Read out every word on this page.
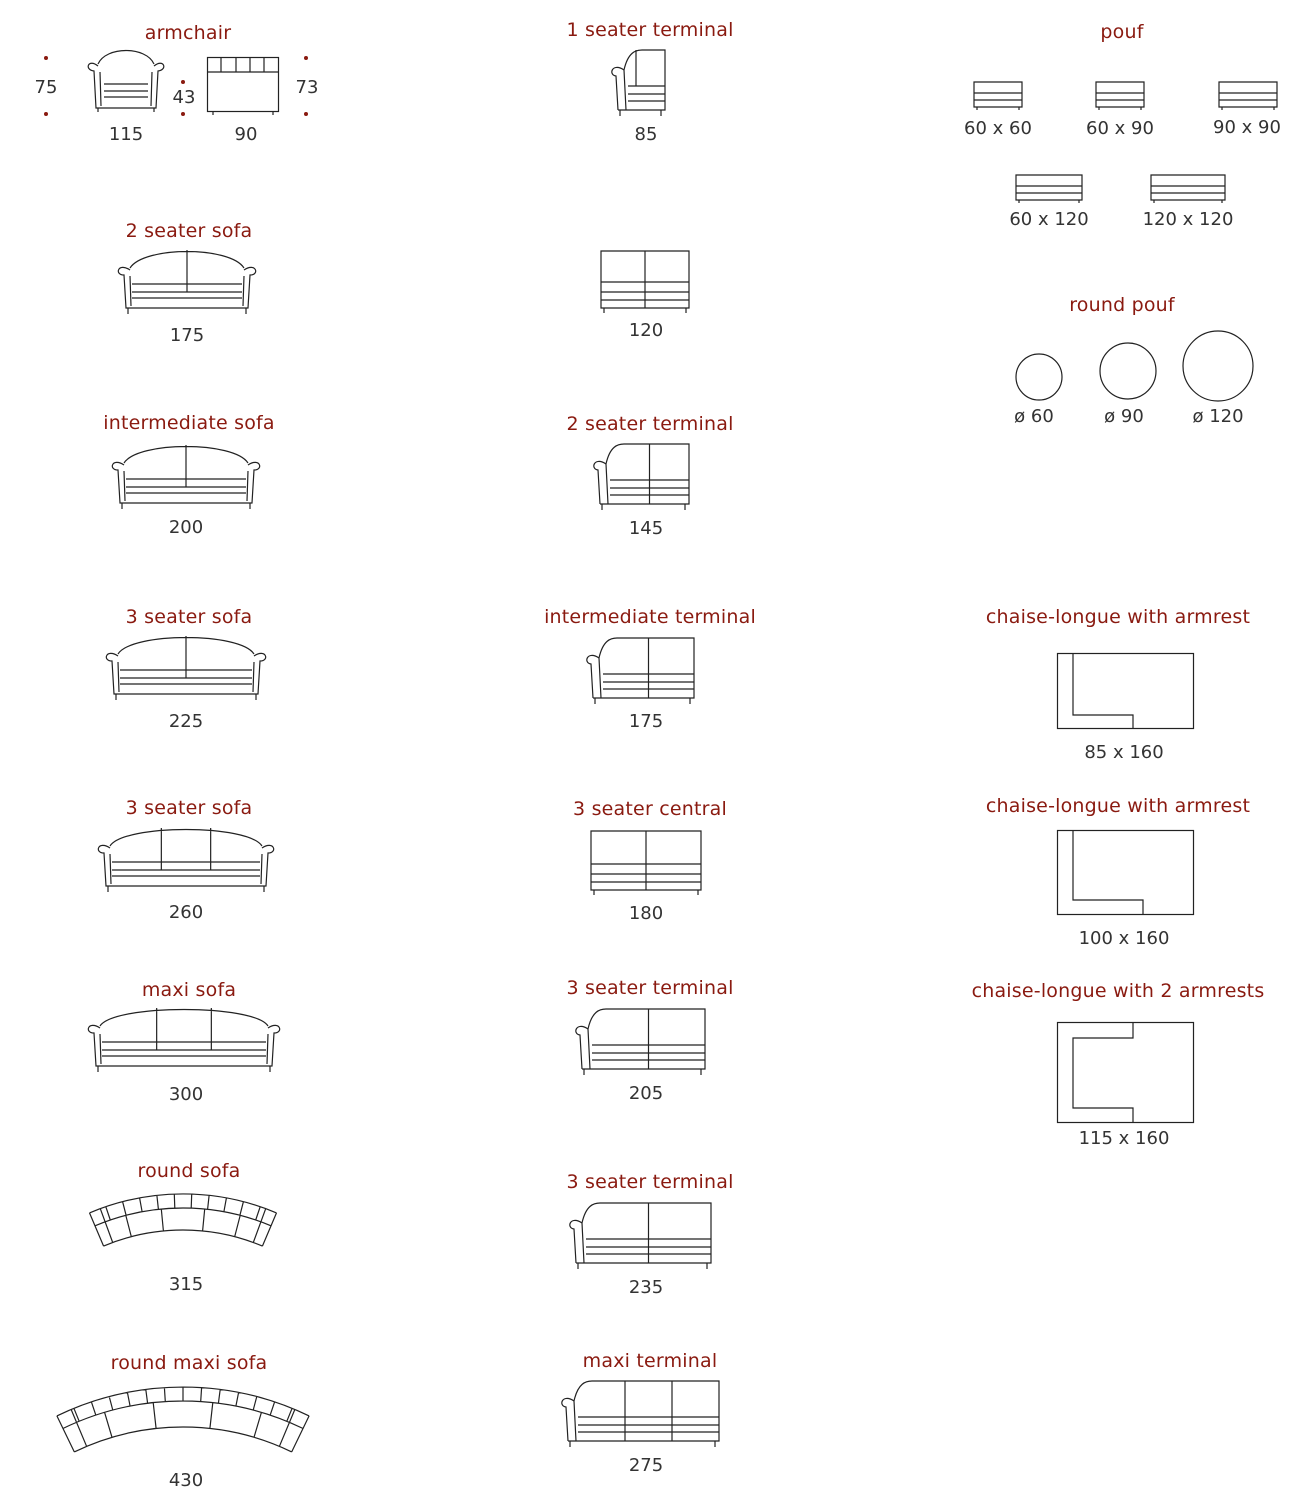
armchair
75	43	73
115	90
2 seater sofa
175
intermediate sofa
200
3 seater sofa
225
3 seater sofa
260
maxi sofa
300
round sofa
315
round maxi sofa
430
1 seater terminal
85
120
2 seater terminal
145
intermediate terminal
175
3 seater central
180
3 seater terminal
205
3 seater terminal
235
maxi terminal
275
pouf
60 x 60	60 x 90	90 x 90
60 x 120	120 x 120
round pouf
ø 60	ø 90	ø 120
chaise-longue with armrest
85 x 160
chaise-longue with armrest
100 x 160
chaise-longue with 2 armrests
115 x 160
